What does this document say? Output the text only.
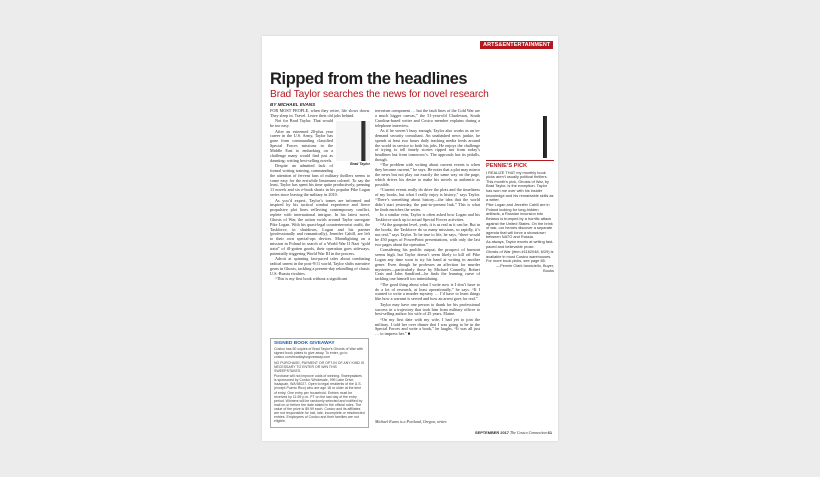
ARTS&ENTERTAINMENT
Ripped from the headlines
Brad Taylor searches the news for novel research
BY MICHAEL EVANS

FOR MOST PEOPLE, when they retire, life slows down. They sleep in. Travel. Leave their old jobs behind.

Brad Taylor

Not for Brad Taylor. That would be too easy.

After an esteemed 20-plus year career in the U.S. Army, Taylor has gone from commanding classified Special Forces missions in the Middle East to embarking on a challenge many would find just as daunting: writing best-selling novels.

Despite an admitted lack of formal writing training, commanding the attention of fervent fans of military thrillers seems to come easy for the erstwhile lieutenant colonel. To say the least, Taylor has spent his time quite productively, penning 11 novels and six e-book shorts in his popular Pike Logan series since leaving the military in 2010.

As you’d expect, Taylor’s tomes are informed and inspired by his tactical combat experience and fierce propulsive plot lines reflecting contemporary conflict, replete with international intrigue. In his latest novel, Ghosts of War, the action swirls around Taylor surrogate Pike Logan. With his quasi-legal counterterrorist outfit, the Taskforce, in shutdown, Logan and his partner (professionally and romantically), Jennifer Cahill, are left to their own special-ops devices. Moonlighting on a mission in Poland in search of a World War II Nazi “gold train” of ill-gotten goods, their operation goes sideways, potentially triggering World War III in the process.

Adroit at spinning fast-paced tales about combating radical unrest in the post-9/11 world, Taylor shifts narrative gears in Ghosts, tackling a present-day rekindling of classic U.S.-Russia rivalries.

“This is my first book without a significant

terrorism component … but the fault lines of the Cold War are a much bigger canvas,” the 51-year-old Charleston, South Carolina-based writer and Costco member explains during a telephone interview.

As if he weren’t busy enough, Taylor also works as an in-demand security consultant. An unabashed news junkie, he spends at least two hours daily tracking media feeds around the world in service to both his jobs. He enjoys the challenge of trying to tell timely stories ripped not from today’s headlines but from tomorrow’s. The approach has its pitfalls, though.

“The problem with writing about current events is when they become current,” he says. He notes that a plot may mirror the news but not play out exactly the same way on the page, which drives his desire to make his novels as authentic as possible.

“Current events really do drive the plots and the timeliness of my books, but what I really enjoy is history,” says Taylor. “There’s something about history—the idea that the world didn’t start yesterday, the past-to-present link.” This is what he finds enriches the series.

In a similar vein, Taylor is often asked how Logan and his Taskforce stack up to actual Special Forces activities.

“At the gunpoint level, yeah, it is as real as it can be. But in the books, the Taskforce do so many missions, so rapidly, it’s not real,” says Taylor. To be true to life, he says, “there would be 450 pages of PowerPoint presentations, with only the last two pages about the operation.”

Considering his prolific output, the prospect of burnout seems high, but Taylor doesn’t seem likely to kill off Pike Logan any time soon to try his hand at writing in another genre. Even though he professes an affection for murder mysteries—particularly those by Michael Connelly, Robert Crais and John Sandford—he finds the learning curve of tackling one himself too intimidating.

“The good thing about what I write now is I don’t have to do a lot of research, at least operationally,” he says. “If I wanted to write a murder mystery … I’d have to learn things like how a warrant is served and how an arrest goes for real.”

Taylor may have one person to thank for his professional success in a trajectory that took him from military officer to best-selling author: his wife of 25 years, Elaine.

“On my first date with my wife, I had yet to join the military. I told her over dinner that I was going to be in the Special Forces and write a book,” he laughs. “It was all just … to impress her.” ■

SIGNED BOOK GIVEAWAY

Costco has 50 copies of Brad Taylor’s Ghosts of War with signed book plates to give away. To enter, go to costco.com/bradtaylorgiveaway.com

NO PURCHASE, PAYMENT OR OPT-IN OF ANY KIND IS NECESSARY TO ENTER OR WIN THIS SWEEPSTAKES.

Purchase will not improve odds of winning. Sweepstakes is sponsored by Costco Wholesale, 999 Lake Drive, Issaquah, WA 98027. Open to legal residents of the U.S. (except Puerto Rico) who are age 18 or older at the time of entry. One entry per household. Entries must be received by 11:59 p.m. PT on the last day of the entry period. Winners will be randomly selected and notified by mail on or before the date stated in the official rules. The value of the prize is $9.99 each. Costco and its affiliates are not responsible for lost, late, incomplete or misdirected entries. Employees of Costco and their families are not eligible.	Michael Evans is a Portland, Oregon, writer.
PENNIE’S PICK

I REALIZE THAT my monthly book picks aren’t usually political thrillers. This month’s pick, Ghosts of War, by Brad Taylor, is the exception. Taylor has won me over with his insider knowledge and his remarkable skills as a writer.

Pike Logan and Jennifer Cahill are in Poland looking for long-hidden artifacts, a Russian incursion into Belarus is trumped by a horrific attack against the United States. On the brink of war, our heroes discover a separate agenda that will force a showdown between NATO and Russia.

As always, Taylor excels at writing fast-paced and believable prose.

Ghosts of War (item #1162048, 6/29) is available in most Costco warehouses. For more book picks, see page 85.

—Pennie Clark Ianniciello, Buyer, Books

SEPTEMBER 2017 The Costco Connection 61
